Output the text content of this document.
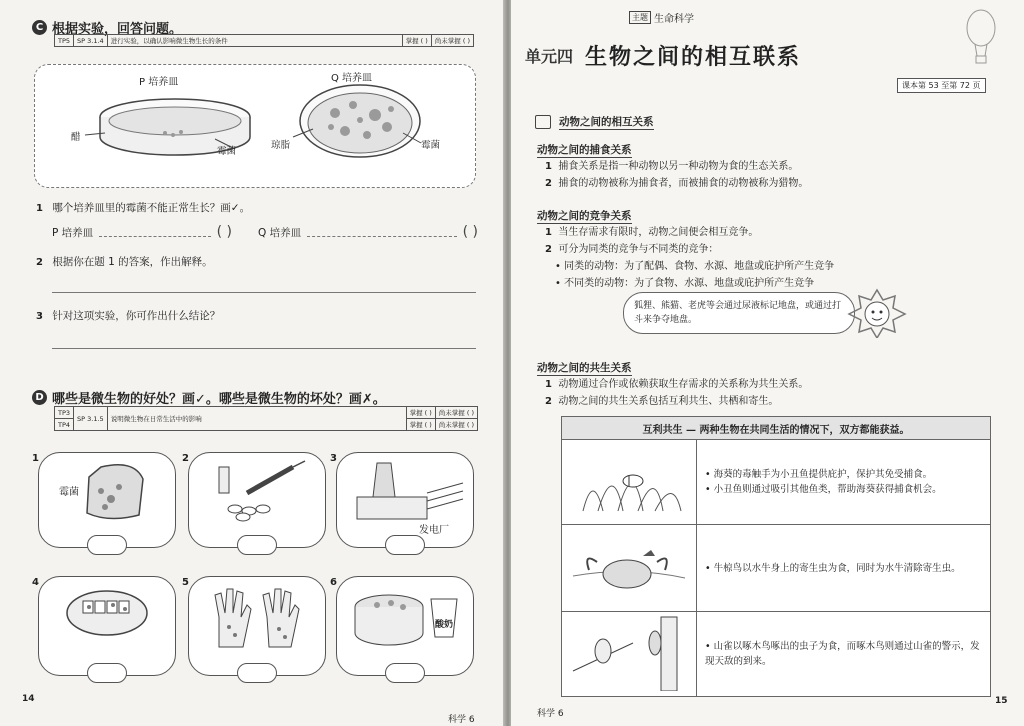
C 根据实验，回答问题。
TP5	SP 3.1.4	进行实验，以确认影响微生物生长的条件	掌握 ( )	尚未掌握 ( )
P 培养皿	Q 培养皿
醋
霉菌
琼脂	霉菌
1 哪个培养皿里的霉菌不能正常生长？画✓。
P 培养皿	( ) Q 培养皿	( )
2 根据你在题 1 的答案，作出解释。
3 针对这项实验，你可作出什么结论？
D 哪些是微生物的好处？画✓。哪些是微生物的坏处？画✗。
TP3	SP 3.1.5	说明微生物在日常生活中的影响	掌握 ( )	尚未掌握 ( )
TP4			掌握 ( )	尚未掌握 ( )
1
霉菌
2	3
发电厂
4	5	6
酸奶
14
科学 6
主题 生命科学
单元四 生物之间的相互联系
课本第 53 至第 72 页
动物之间的相互关系
动物之间的捕食关系
1 捕食关系是指一种动物以另一种动物为食的生态关系。
2 捕食的动物被称为捕食者，而被捕食的动物被称为猎物。
动物之间的竞争关系
1 当生存需求有限时，动物之间便会相互竞争。
2 可分为同类的竞争与不同类的竞争：
• 同类的动物：为了配偶、食物、水源、地盘或庇护所产生竞争
• 不同类的动物：为了食物、水源、地盘或庇护所产生竞争
狐狸、熊猫、老虎等会通过尿液标记地盘，或通过打斗来争夺地盘。
动物之间的共生关系
1 动物通过合作或依赖获取生存需求的关系称为共生关系。
2 动物之间的共生关系包括互利共生、共栖和寄生。
互利共生 — 两种生物在共同生活的情况下，双方都能获益。	

• 海葵的毒触手为小丑鱼提供庇护，保护其免受捕食。
• 小丑鱼则通过吸引其他鱼类，帮助海葵获得捕食机会。

• 牛椋鸟以水牛身上的寄生虫为食，同时为水牛清除寄生虫。

• 山雀以啄木鸟啄出的虫子为食，而啄木鸟则通过山雀的警示，发现天敌的到来。
科学 6
15
